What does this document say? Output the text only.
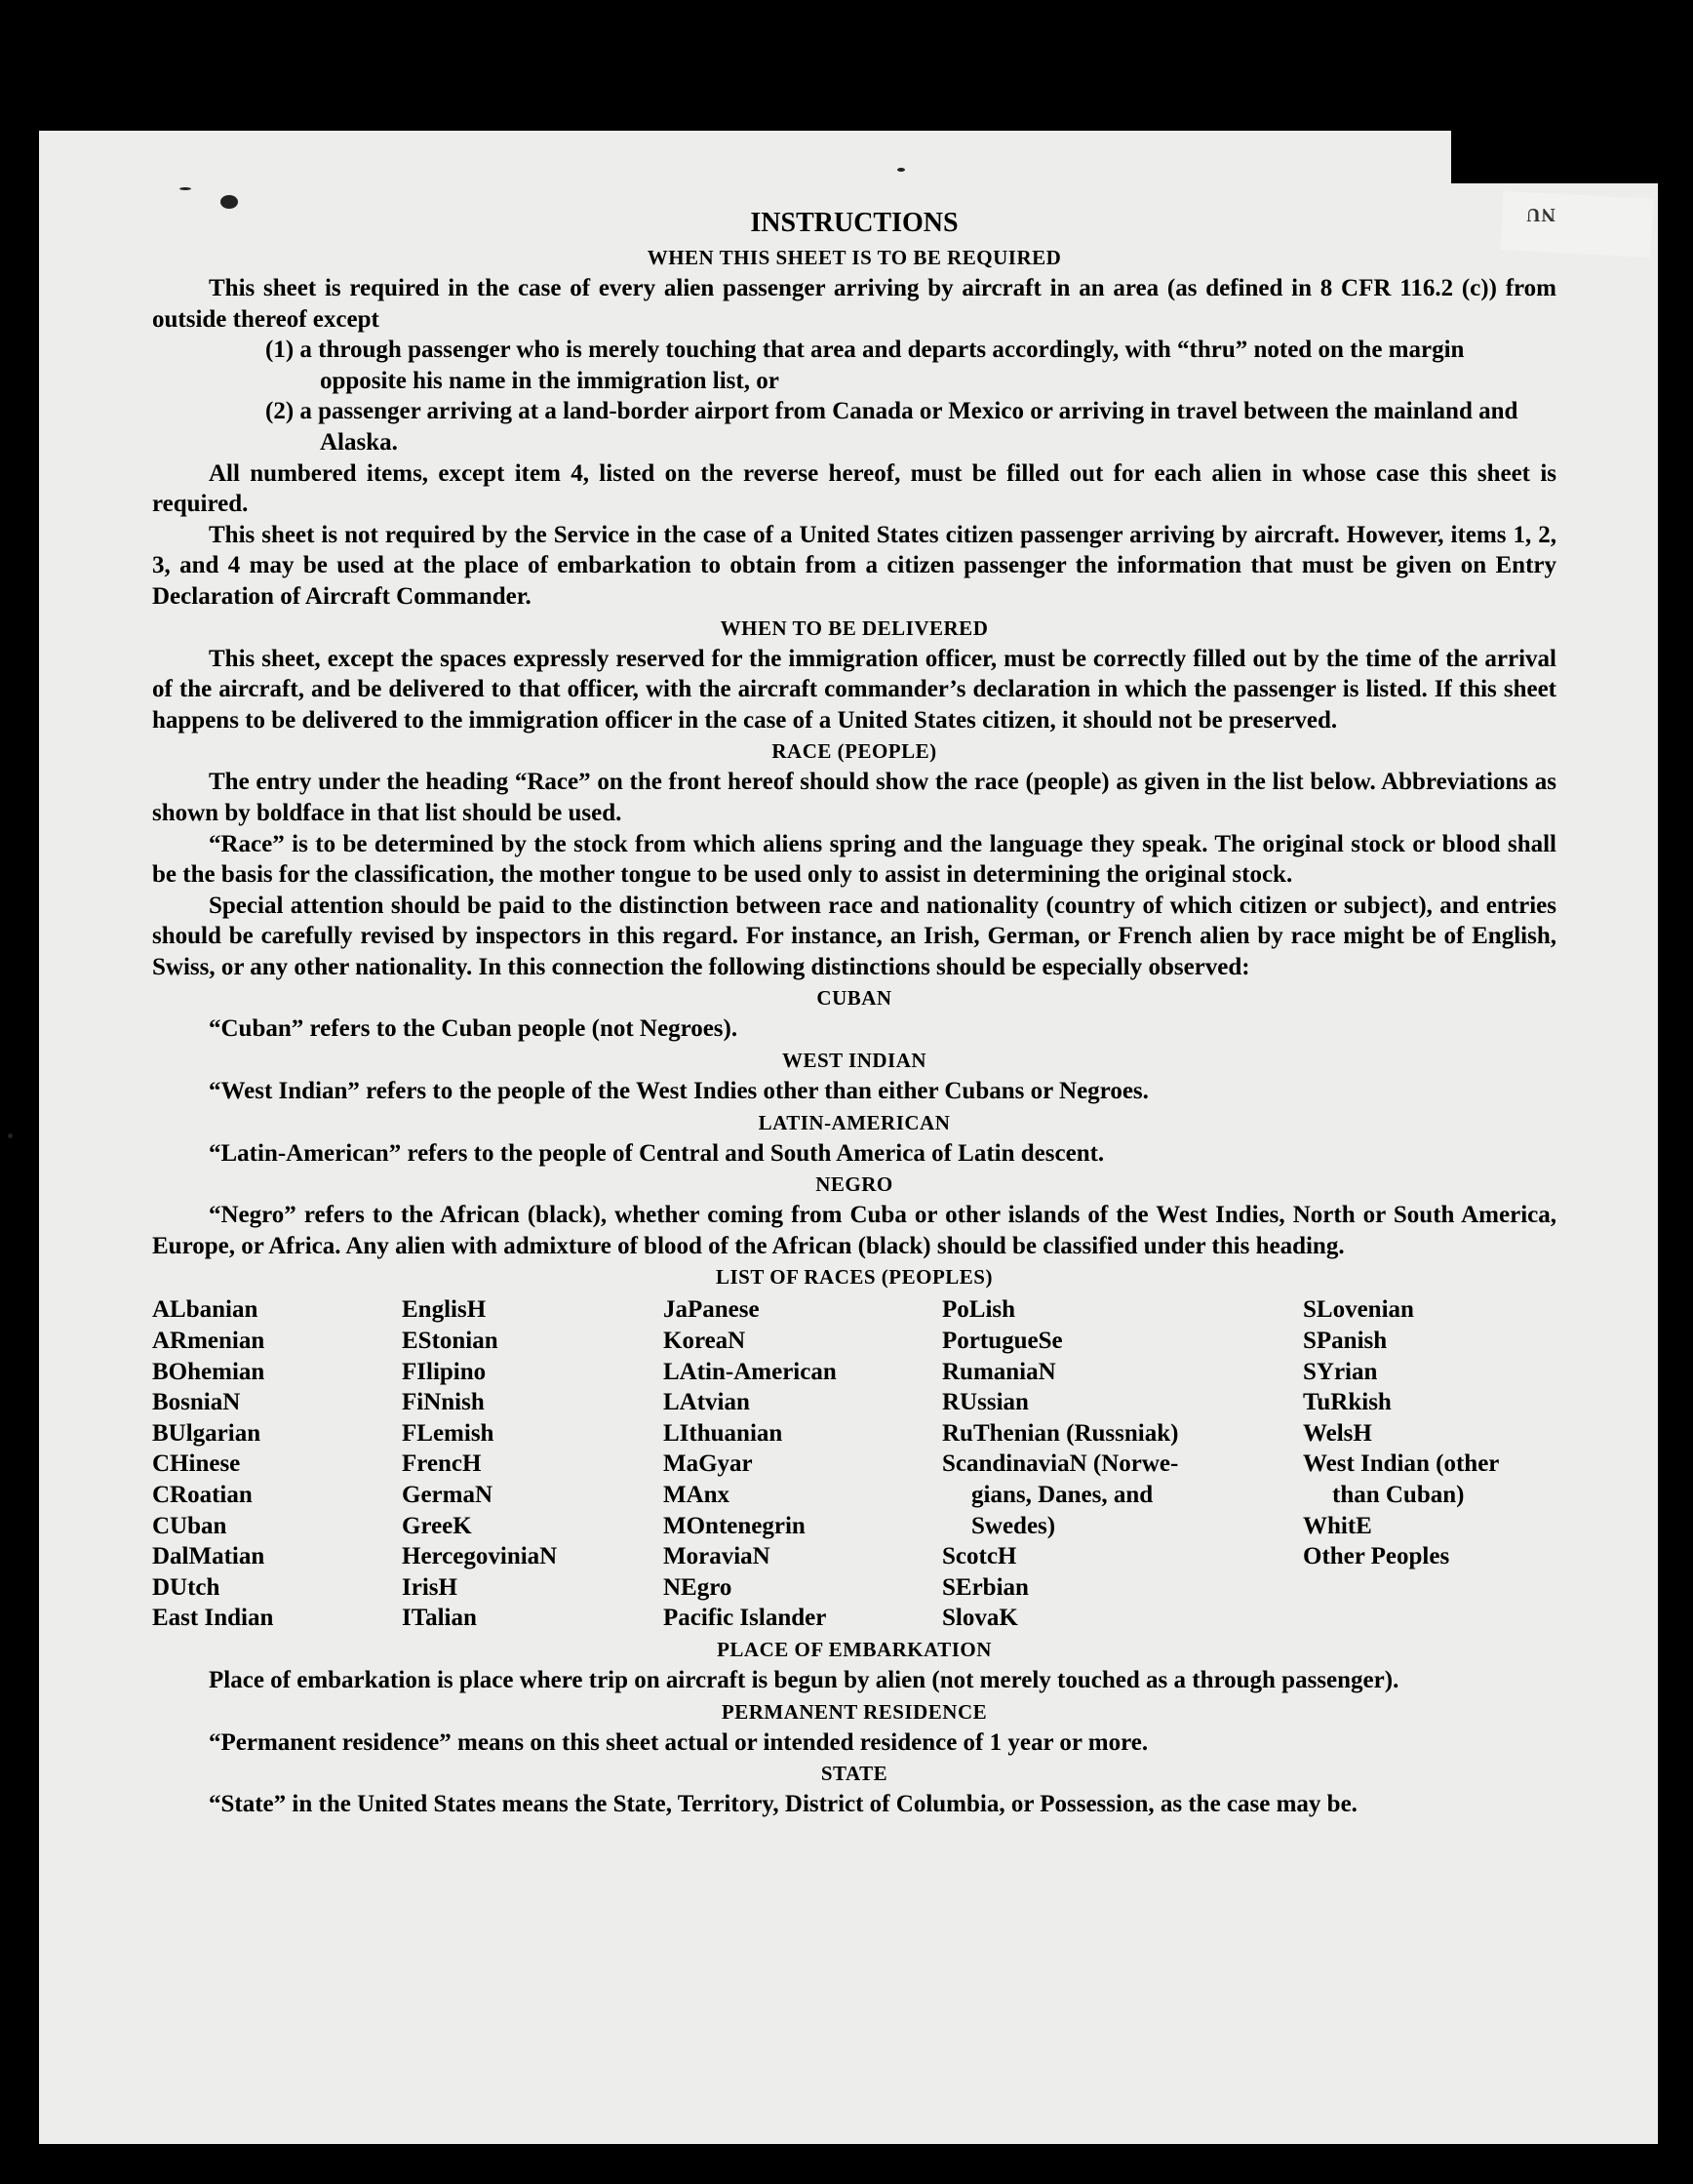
NU

INSTRUCTIONS

WHEN THIS SHEET IS TO BE REQUIRED

This sheet is required in the case of every alien passenger arriving by aircraft in an area (as defined in 8 CFR 116.2 (c)) from outside thereof except

(1) a through passenger who is merely touching that area and departs accordingly, with “thru” noted on the margin opposite his name in the immigration list, or

(2) a passenger arriving at a land-border airport from Canada or Mexico or arriving in travel between the mainland and Alaska.

All numbered items, except item 4, listed on the reverse hereof, must be filled out for each alien in whose case this sheet is required.

This sheet is not required by the Service in the case of a United States citizen passenger arriving by aircraft. However, items 1, 2, 3, and 4 may be used at the place of embarkation to obtain from a citizen passenger the information that must be given on Entry Declaration of Aircraft Commander.

WHEN TO BE DELIVERED

This sheet, except the spaces expressly reserved for the immigration officer, must be correctly filled out by the time of the arrival of the aircraft, and be delivered to that officer, with the aircraft commander’s declaration in which the passenger is listed. If this sheet happens to be delivered to the immigration officer in the case of a United States citizen, it should not be preserved.

RACE (PEOPLE)

The entry under the heading “Race” on the front hereof should show the race (people) as given in the list below. Abbreviations as shown by boldface in that list should be used.

“Race” is to be determined by the stock from which aliens spring and the language they speak. The original stock or blood shall be the basis for the classification, the mother tongue to be used only to assist in determining the original stock.

Special attention should be paid to the distinction between race and nationality (country of which citizen or subject), and entries should be carefully revised by inspectors in this regard. For instance, an Irish, German, or French alien by race might be of English, Swiss, or any other nationality. In this connection the following distinctions should be especially observed:

CUBAN

“Cuban” refers to the Cuban people (not Negroes).

WEST INDIAN

“West Indian” refers to the people of the West Indies other than either Cubans or Negroes.

LATIN-AMERICAN

“Latin-American” refers to the people of Central and South America of Latin descent.

NEGRO

“Negro” refers to the African (black), whether coming from Cuba or other islands of the West Indies, North or South America, Europe, or Africa. Any alien with admixture of blood of the African (black) should be classified under this heading.

LIST OF RACES (PEOPLES)

ALbanian
ARmenian
BOhemian
BosniaN
BUlgarian
CHinese
CRoatian
CUban
DalMatian
DUtch
East Indian
EnglisH
EStonian
FIlipino
FiNnish
FLemish
FrencH
GermaN
GreeK
HercegoviniaN
IrisH
ITalian
JaPanese
KoreaN
LAtin-American
LAtvian
LIthuanian
MaGyar
MAnx
MOntenegrin
MoraviaN
NEgro
Pacific Islander
PoLish
PortugueSe
RumaniaN
RUssian
RuThenian (Russniak)
ScandinaviaN (Norwe-
gians, Danes, and
Swedes)
ScotcH
SErbian
SlovaK
SLovenian
SPanish
SYrian
TuRkish
WelsH
West Indian (other
than Cuban)
WhitE
Other Peoples

PLACE OF EMBARKATION

Place of embarkation is place where trip on aircraft is begun by alien (not merely touched as a through passenger).

PERMANENT RESIDENCE

“Permanent residence” means on this sheet actual or intended residence of 1 year or more.

STATE

“State” in the United States means the State, Territory, District of Columbia, or Possession, as the case may be.
